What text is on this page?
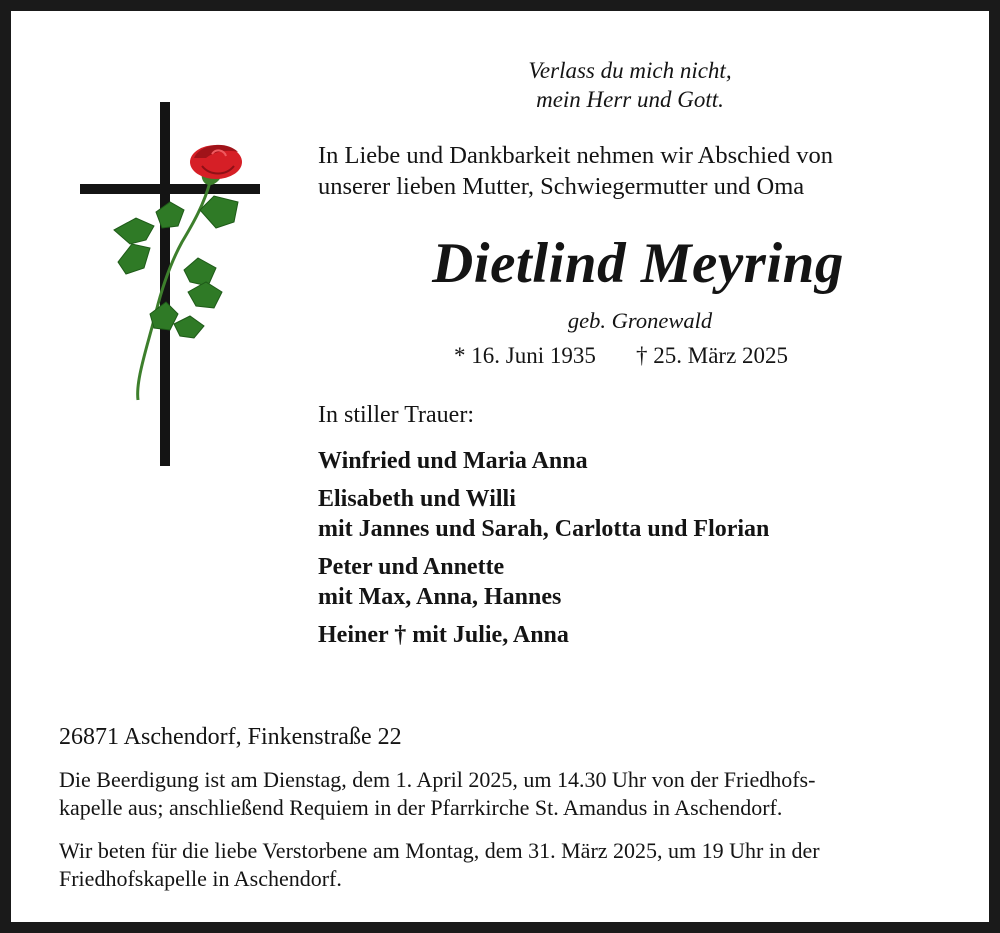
Verlass du mich nicht,
mein Herr und Gott.
In Liebe und Dankbarkeit nehmen wir Abschied von
unserer lieben Mutter, Schwiegermutter und Oma
Dietlind Meyring
geb. Gronewald
* 16. Juni 1935 † 25. März 2025
In stiller Trauer:
Winfried und Maria Anna
Elisabeth und Willi
mit Jannes und Sarah, Carlotta und Florian
Peter und Annette
mit Max, Anna, Hannes
Heiner † mit Julie, Anna
26871 Aschendorf, Finkenstraße 22
Die Beerdigung ist am Dienstag, dem 1. April 2025, um 14.30 Uhr von der Friedhofs-
kapelle aus; anschließend Requiem in der Pfarrkirche St. Amandus in Aschendorf.
Wir beten für die liebe Verstorbene am Montag, dem 31. März 2025, um 19 Uhr in der
Friedhofskapelle in Aschendorf.
